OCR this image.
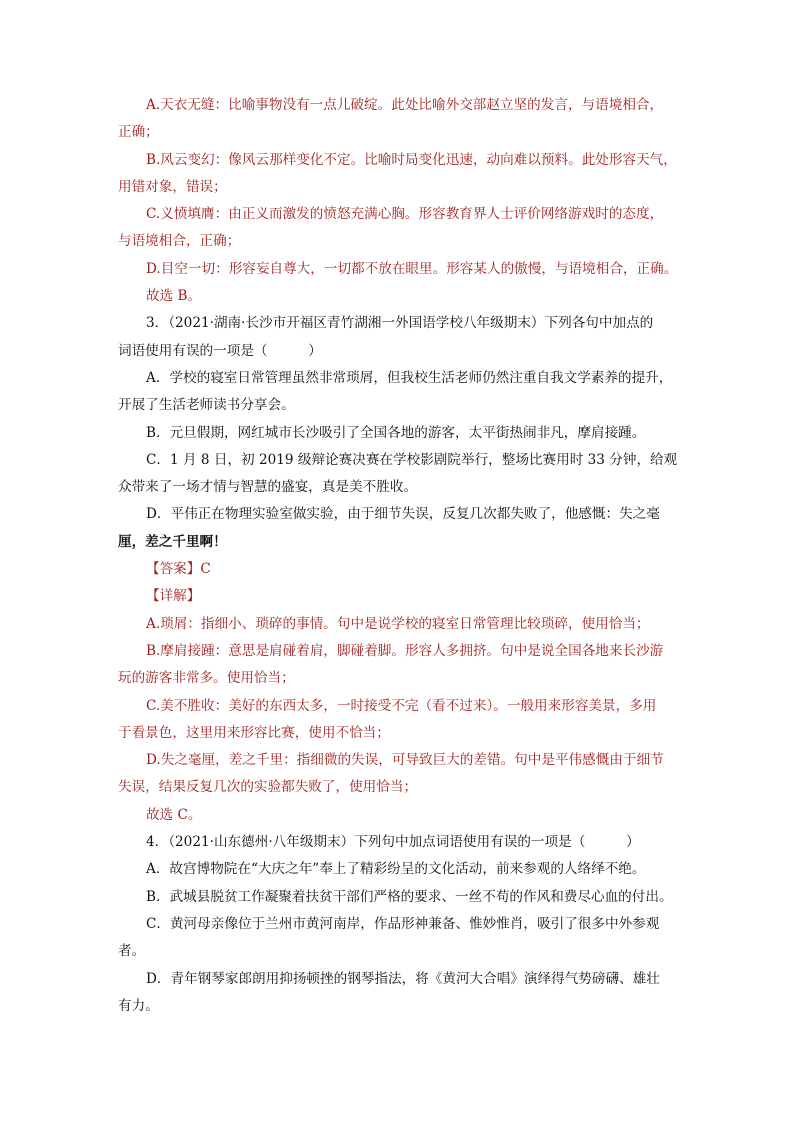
A.天衣无缝：比喻事物没有一点儿破绽。此处比喻外交部赵立坚的发言，与语境相合，
正确；
B.风云变幻：像风云那样变化不定。比喻时局变化迅速，动向难以预料。此处形容天气，
用错对象，错误；
C.义愤填膺：由正义而激发的愤怒充满心胸。形容教育界人士评价网络游戏时的态度，
与语境相合，正确；
D.目空一切：形容妄自尊大，一切都不放在眼里。形容某人的傲慢，与语境相合，正确。
故选 B。
3．（2021·湖南·长沙市开福区青竹湖湘一外国语学校八年级期末）下列各句中加点的
词语使用有误的一项是（　　　）
A．学校的寝室日常管理虽然非常琐屑，但我校生活老师仍然注重自我文学素养的提升，
开展了生活老师读书分享会。
B．元旦假期，网红城市长沙吸引了全国各地的游客，太平街热闹非凡，摩肩接踵。
C．1 月 8 日，初 2019 级辩论赛决赛在学校影剧院举行，整场比赛用时 33 分钟，给观
众带来了一场才情与智慧的盛宴，真是美不胜收。
D．平伟正在物理实验室做实验，由于细节失误，反复几次都失败了，他感慨：失之毫
厘，差之千里啊！
【答案】C
【详解】
A.琐屑：指细小、琐碎的事情。句中是说学校的寝室日常管理比较琐碎，使用恰当；
B.摩肩接踵：意思是肩碰着肩，脚碰着脚。形容人多拥挤。句中是说全国各地来长沙游
玩的游客非常多。使用恰当；
C.美不胜收：美好的东西太多，一时接受不完（看不过来）。一般用来形容美景，多用
于看景色，这里用来形容比赛，使用不恰当；
D.失之毫厘，差之千里：指细微的失误，可导致巨大的差错。句中是平伟感慨由于细节
失误，结果反复几次的实验都失败了，使用恰当；
故选 C。
4．（2021·山东德州·八年级期末）下列句中加点词语使用有误的一项是（　　　）
A．故宫博物院在“大庆之年”奉上了精彩纷呈的文化活动，前来参观的人络绎不绝。
B．武城县脱贫工作凝聚着扶贫干部们严格的要求、一丝不苟的作风和费尽心血的付出。
C．黄河母亲像位于兰州市黄河南岸，作品形神兼备、惟妙惟肖，吸引了很多中外参观
者。
D．青年钢琴家郎朗用抑扬顿挫的钢琴指法，将《黄河大合唱》演绎得气势磅礴、雄壮
有力。
